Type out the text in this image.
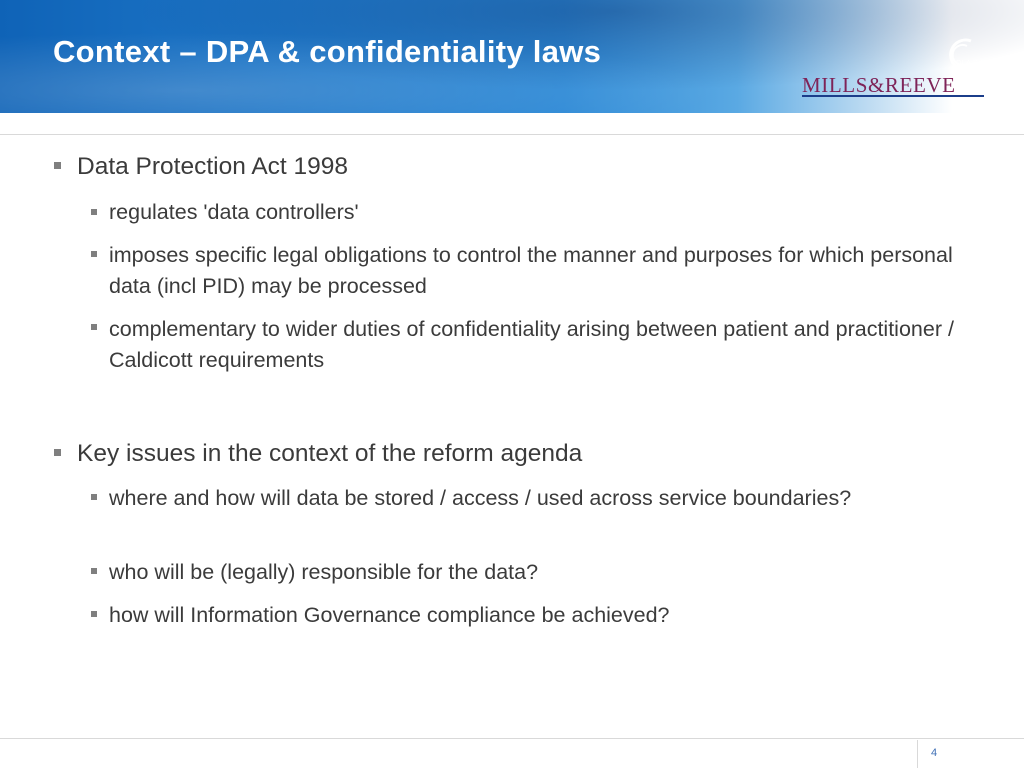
Context – DPA & confidentiality laws	DLA PIPER
MILLS&REEVE
Data Protection Act 1998
regulates 'data controllers'
imposes specific legal obligations to control the manner and purposes for which personal data (incl PID) may be processed
complementary to wider duties of confidentiality arising between patient and practitioner / Caldicott requirements
Key issues in the context of the reform agenda
where and how will data be stored / access / used across service boundaries?
who will be (legally) responsible for the data?
how will Information Governance compliance be achieved?
4
